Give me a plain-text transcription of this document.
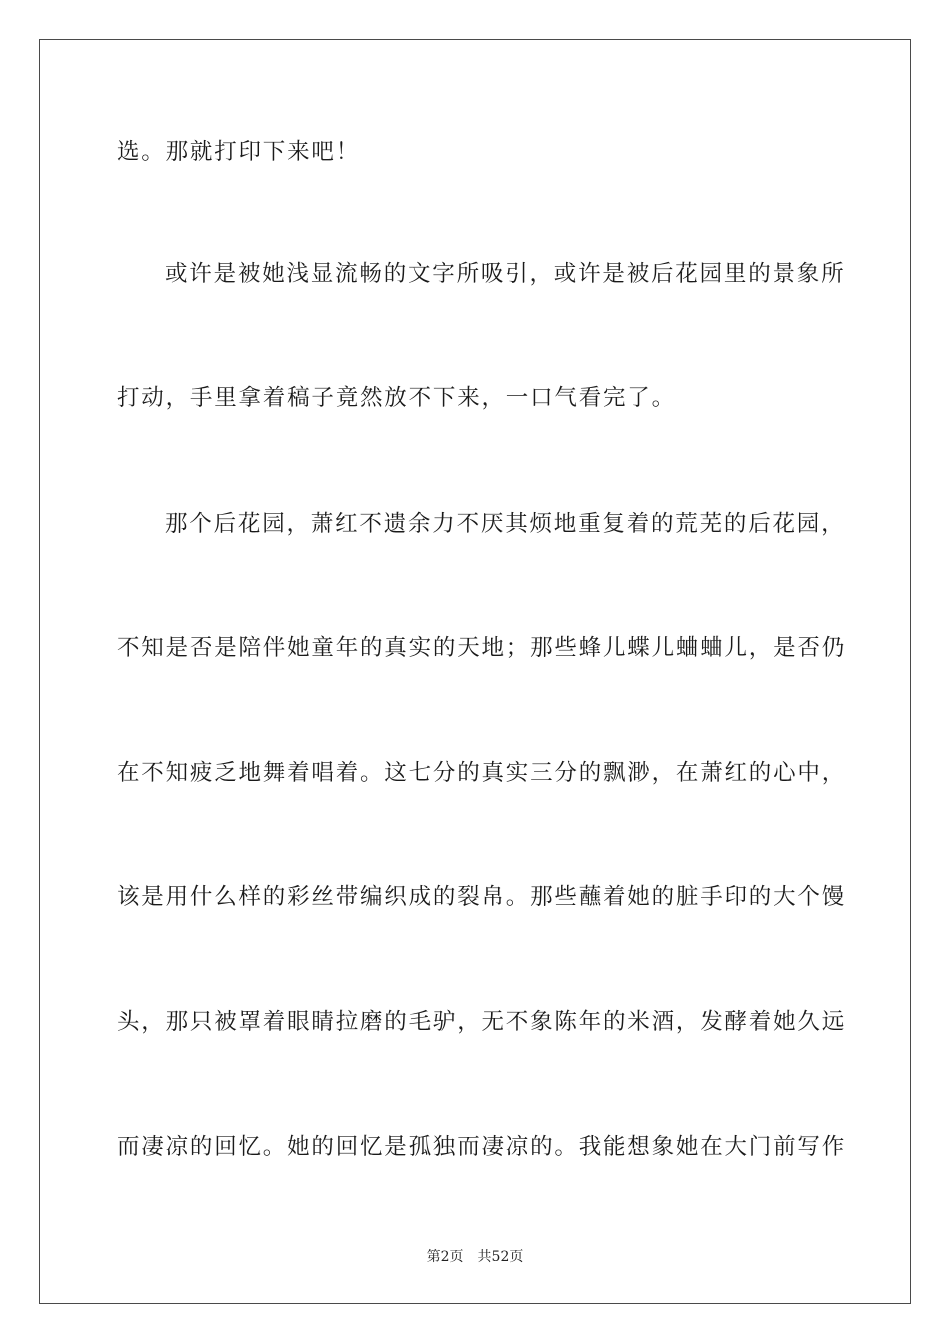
选。那就打印下来吧！

或许是被她浅显流畅的文字所吸引，或许是被后花园里的景象所

打动，手里拿着稿子竟然放不下来，一口气看完了。

那个后花园，萧红不遗余力不厌其烦地重复着的荒芜的后花园，

不知是否是陪伴她童年的真实的天地；那些蜂儿蝶儿蛐蛐儿，是否仍

在不知疲乏地舞着唱着。这七分的真实三分的飘渺，在萧红的心中，

该是用什么样的彩丝带编织成的裂帛。那些蘸着她的脏手印的大个馒

头，那只被罩着眼睛拉磨的毛驴，无不象陈年的米酒，发酵着她久远

而凄凉的回忆。她的回忆是孤独而凄凉的。我能想象她在大门前写作

第2页 共52页
